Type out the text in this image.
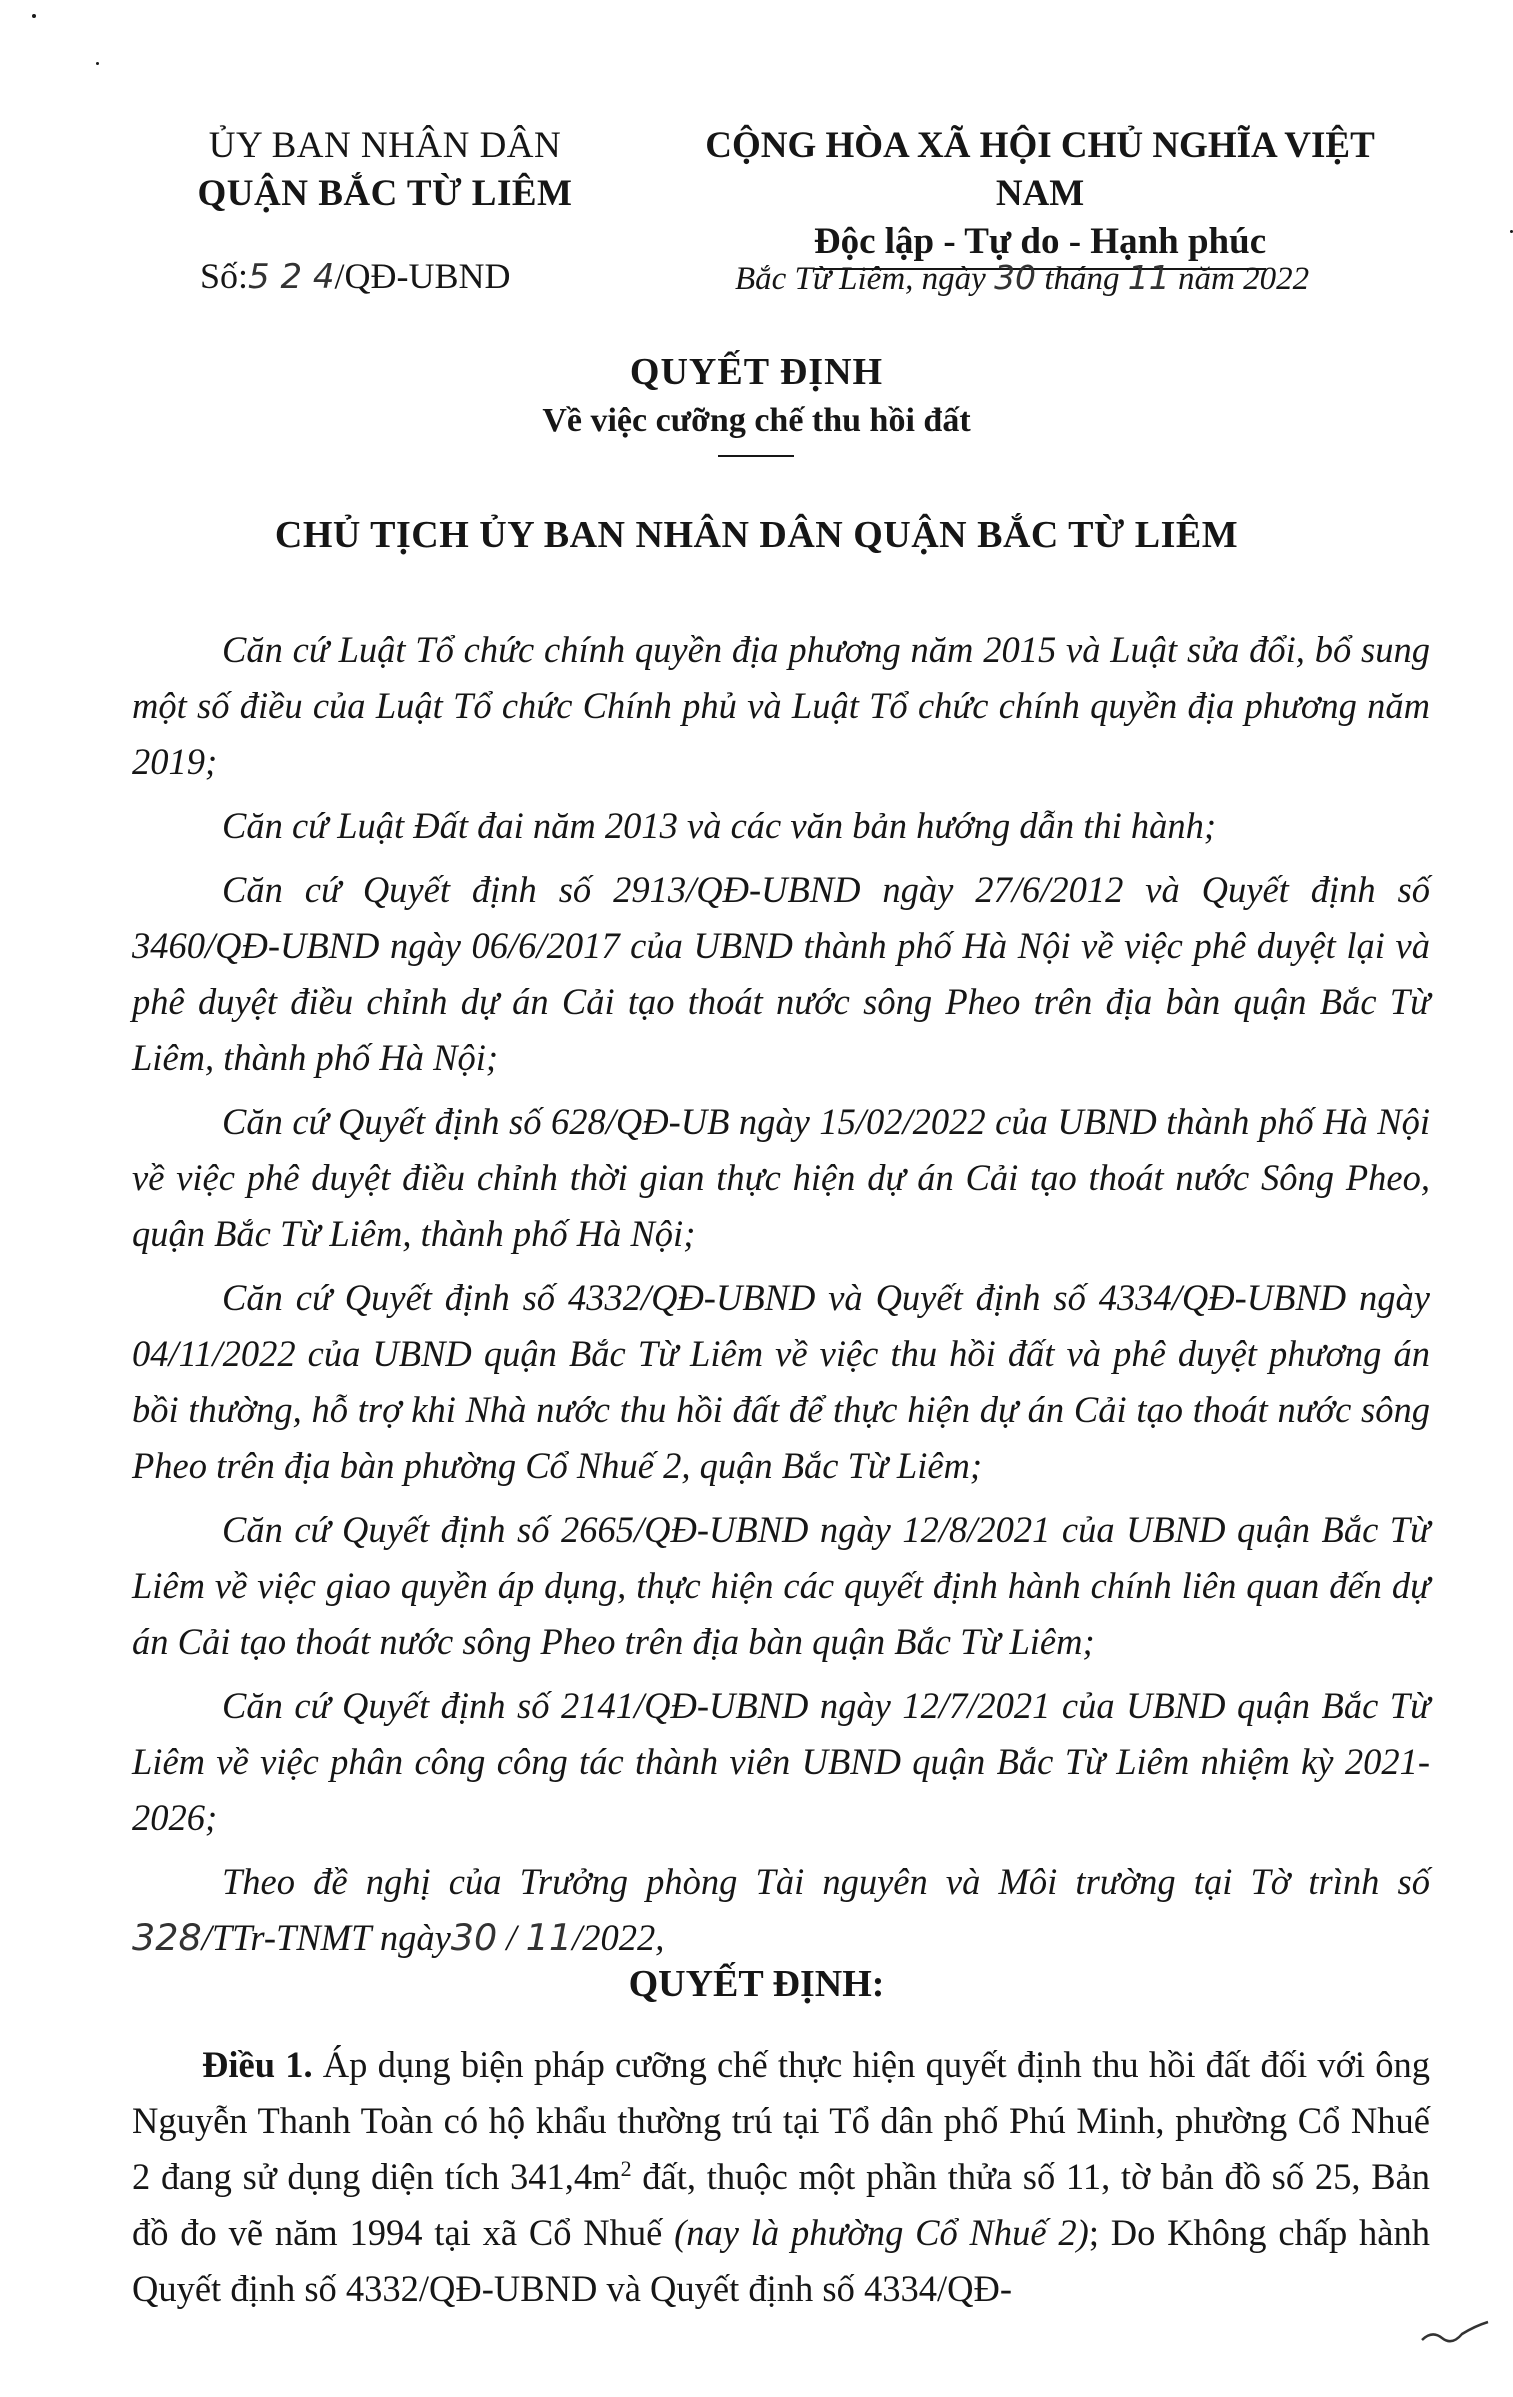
ỦY BAN NHÂN DÂN
QUẬN BẮC TỪ LIÊM
CỘNG HÒA XÃ HỘI CHỦ NGHĨA VIỆT NAM
Độc lập - Tự do - Hạnh phúc
Số:5 2 4/QĐ-UBND	Bắc Từ Liêm, ngày 30 tháng 11 năm 2022
QUYẾT ĐỊNH
Về việc cưỡng chế thu hồi đất
CHỦ TỊCH ỦY BAN NHÂN DÂN QUẬN BẮC TỪ LIÊM

Căn cứ Luật Tổ chức chính quyền địa phương năm 2015 và Luật sửa đổi, bổ sung một số điều của Luật Tổ chức Chính phủ và Luật Tổ chức chính quyền địa phương năm 2019;

Căn cứ Luật Đất đai năm 2013 và các văn bản hướng dẫn thi hành;

Căn cứ Quyết định số 2913/QĐ-UBND ngày 27/6/2012 và Quyết định số 3460/QĐ-UBND ngày 06/6/2017 của UBND thành phố Hà Nội về việc phê duyệt lại và phê duyệt điều chỉnh dự án Cải tạo thoát nước sông Pheo trên địa bàn quận Bắc Từ Liêm, thành phố Hà Nội;

Căn cứ Quyết định số 628/QĐ-UB ngày 15/02/2022 của UBND thành phố Hà Nội về việc phê duyệt điều chỉnh thời gian thực hiện dự án Cải tạo thoát nước Sông Pheo, quận Bắc Từ Liêm, thành phố Hà Nội;

Căn cứ Quyết định số 4332/QĐ-UBND và Quyết định số 4334/QĐ-UBND ngày 04/11/2022 của UBND quận Bắc Từ Liêm về việc thu hồi đất và phê duyệt phương án bồi thường, hỗ trợ khi Nhà nước thu hồi đất để thực hiện dự án Cải tạo thoát nước sông Pheo trên địa bàn phường Cổ Nhuế 2, quận Bắc Từ Liêm;

Căn cứ Quyết định số 2665/QĐ-UBND ngày 12/8/2021 của UBND quận Bắc Từ Liêm về việc giao quyền áp dụng, thực hiện các quyết định hành chính liên quan đến dự án Cải tạo thoát nước sông Pheo trên địa bàn quận Bắc Từ Liêm;

Căn cứ Quyết định số 2141/QĐ-UBND ngày 12/7/2021 của UBND quận Bắc Từ Liêm về việc phân công công tác thành viên UBND quận Bắc Từ Liêm nhiệm kỳ 2021-2026;

Theo đề nghị của Trưởng phòng Tài nguyên và Môi trường tại Tờ trình số 328/TTr-TNMT ngày30 / 11/2022,

QUYẾT ĐỊNH:

Điều 1. Áp dụng biện pháp cưỡng chế thực hiện quyết định thu hồi đất đối với ông Nguyễn Thanh Toàn có hộ khẩu thường trú tại Tổ dân phố Phú Minh, phường Cổ Nhuế 2 đang sử dụng diện tích $341,4m^2$ đất, thuộc một phần thửa số 11, tờ bản đồ số 25, Bản đồ đo vẽ năm 1994 tại xã Cổ Nhuế (nay là phường Cổ Nhuế 2); Do Không chấp hành Quyết định số 4332/QĐ-UBND và Quyết định số 4334/QĐ-
